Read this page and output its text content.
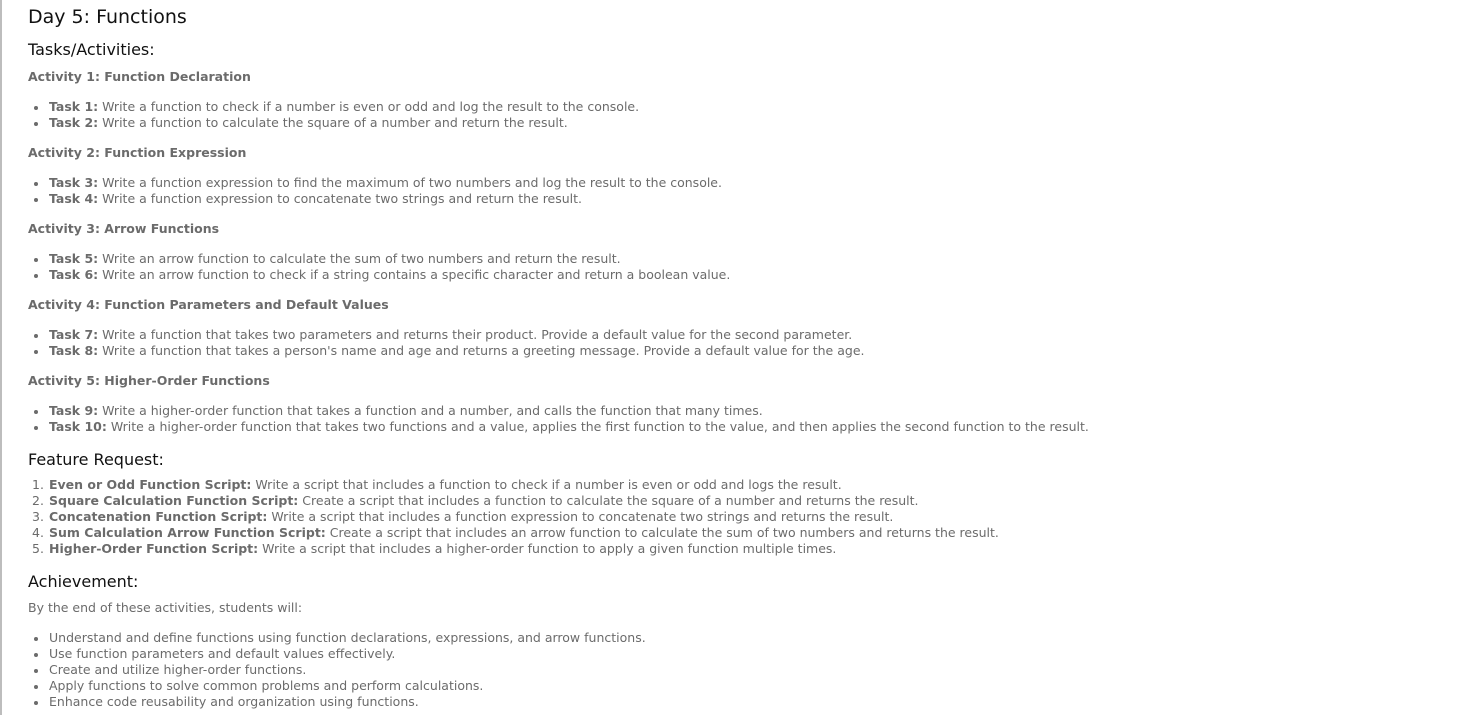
Day 5: Functions
Tasks/Activities:
Activity 1: Function Declaration
Task 1: Write a function to check if a number is even or odd and log the result to the console.
Task 2: Write a function to calculate the square of a number and return the result.
Activity 2: Function Expression
Task 3: Write a function expression to find the maximum of two numbers and log the result to the console.
Task 4: Write a function expression to concatenate two strings and return the result.
Activity 3: Arrow Functions
Task 5: Write an arrow function to calculate the sum of two numbers and return the result.
Task 6: Write an arrow function to check if a string contains a specific character and return a boolean value.
Activity 4: Function Parameters and Default Values
Task 7: Write a function that takes two parameters and returns their product. Provide a default value for the second parameter.
Task 8: Write a function that takes a person's name and age and returns a greeting message. Provide a default value for the age.
Activity 5: Higher-Order Functions
Task 9: Write a higher-order function that takes a function and a number, and calls the function that many times.
Task 10: Write a higher-order function that takes two functions and a value, applies the first function to the value, and then applies the second function to the result.
Feature Request:
1. Even or Odd Function Script: Write a script that includes a function to check if a number is even or odd and logs the result.
2. Square Calculation Function Script: Create a script that includes a function to calculate the square of a number and returns the result.
3. Concatenation Function Script: Write a script that includes a function expression to concatenate two strings and returns the result.
4. Sum Calculation Arrow Function Script: Create a script that includes an arrow function to calculate the sum of two numbers and returns the result.
5. Higher-Order Function Script: Write a script that includes a higher-order function to apply a given function multiple times.
Achievement:
By the end of these activities, students will:
Understand and define functions using function declarations, expressions, and arrow functions.
Use function parameters and default values effectively.
Create and utilize higher-order functions.
Apply functions to solve common problems and perform calculations.
Enhance code reusability and organization using functions.
